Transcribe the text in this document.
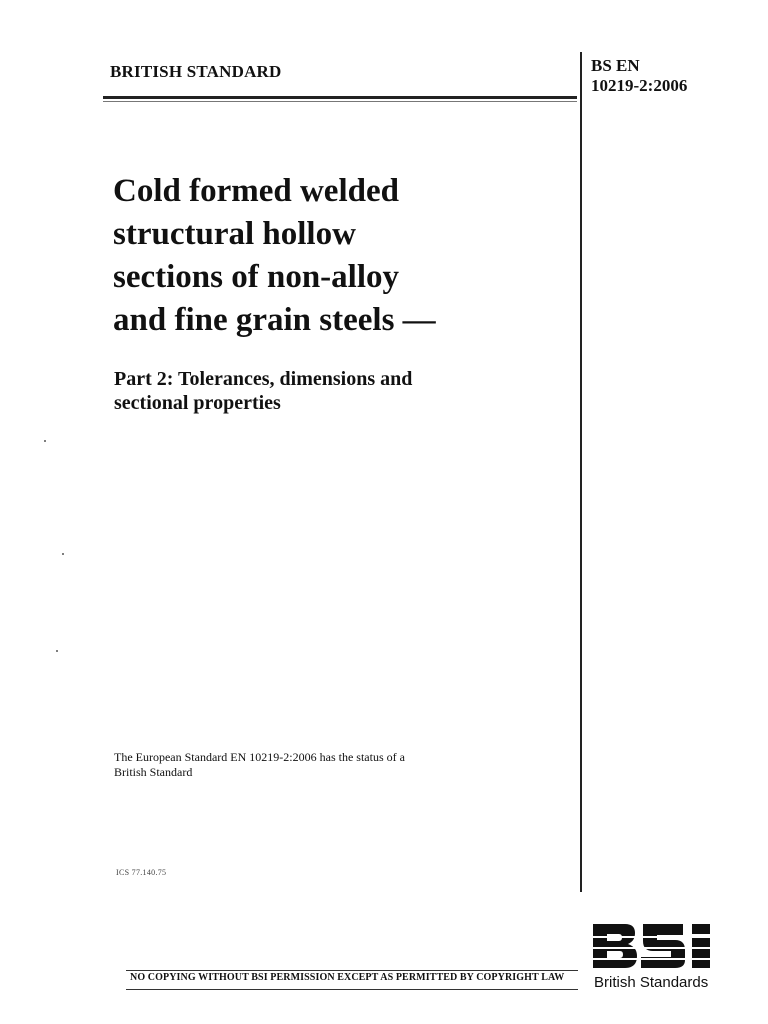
BRITISH STANDARD	BS EN
10219-2:2006
Cold formed welded
structural hollow
sections of non-alloy
and fine grain steels —
Part 2: Tolerances, dimensions and
sectional properties
The European Standard EN 10219-2:2006 has the status of a
British Standard
ICS 77.140.75
NO COPYING WITHOUT BSI PERMISSION EXCEPT AS PERMITTED BY COPYRIGHT LAW British Standards
